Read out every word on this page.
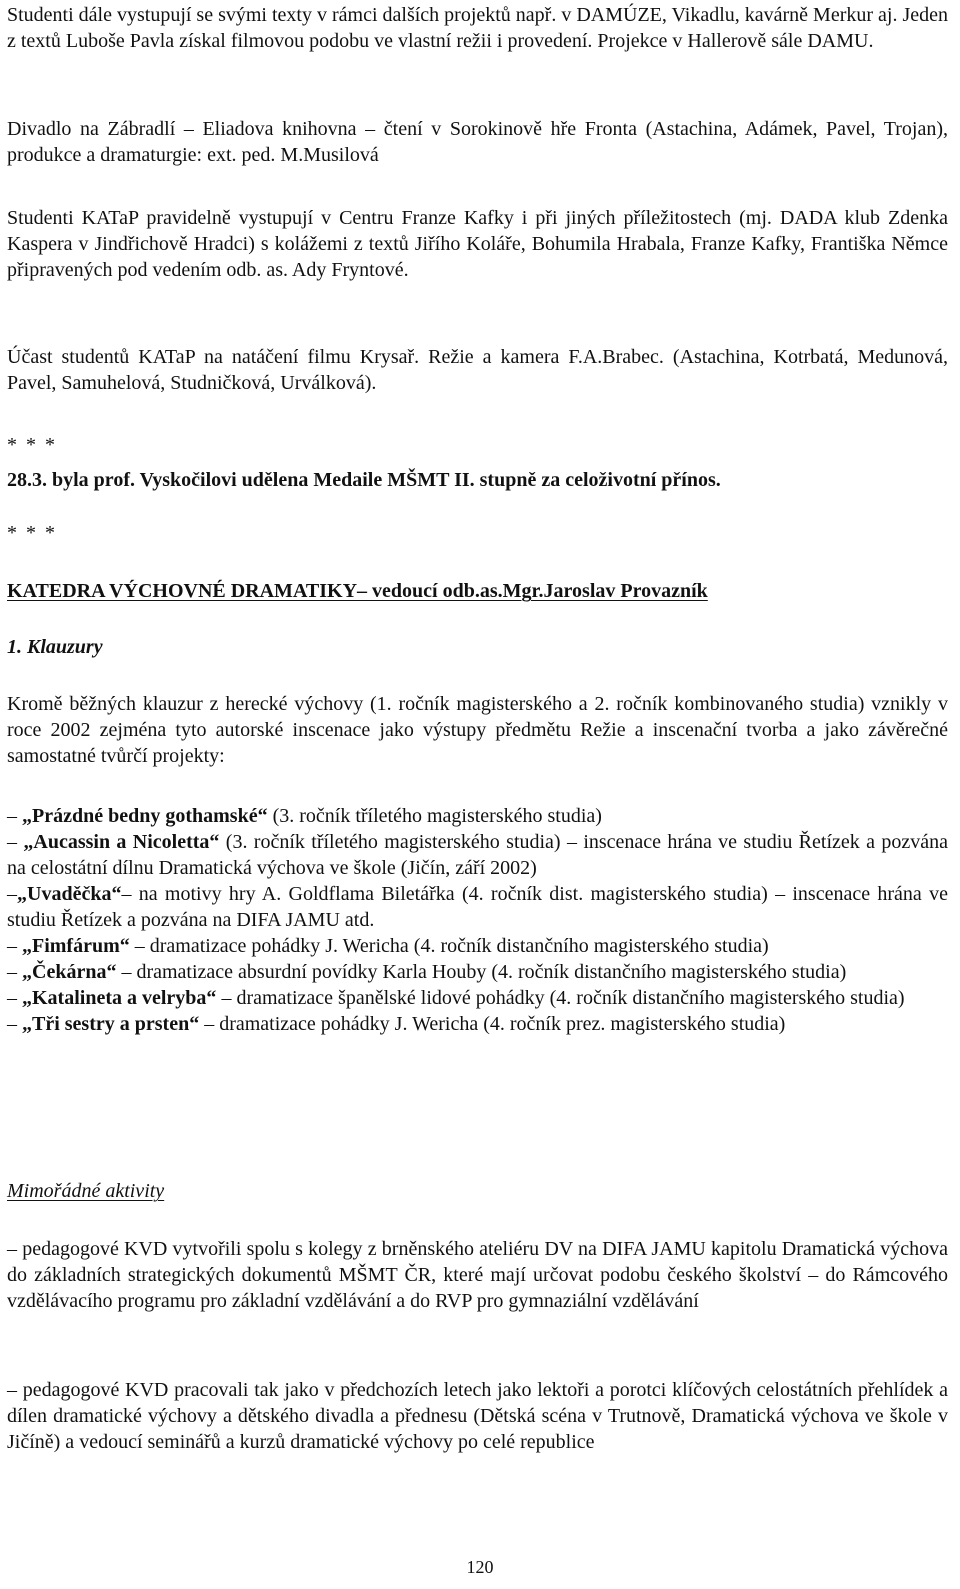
Studenti dále vystupují se svými texty v rámci dalších projektů např. v DAMÚZE, Vikadlu, kavárně Merkur aj. Jeden z textů Luboše Pavla získal filmovou podobu ve vlastní režii i provedení. Projekce v Hallerově sále DAMU.

Divadlo na Zábradlí – Eliadova knihovna – čtení v Sorokinově hře Fronta (Astachina, Adámek, Pavel, Trojan), produkce a dramaturgie: ext. ped. M.Musilová

Studenti KATaP pravidelně vystupují v Centru Franze Kafky i při jiných příležitostech (mj. DADA klub Zdenka Kaspera v Jindřichově Hradci) s kolážemi z textů Jiřího Koláře, Bohumila Hrabala, Franze Kafky, Františka Němce připravených pod vedením odb. as. Ady Fryntové.

Účast studentů KATaP na natáčení filmu Krysař. Režie a kamera F.A.Brabec. (Astachina, Kotrbatá, Medunová, Pavel, Samuhelová, Studničková, Urválková).

* * *

28.3. byla prof. Vyskočilovi udělena Medaile MŠMT II. stupně za celoživotní přínos.

* * *

KATEDRA VÝCHOVNÉ DRAMATIKY– vedoucí odb.as.Mgr.Jaroslav Provazník

1. Klauzury

Kromě běžných klauzur z herecké výchovy (1. ročník magisterského a 2. ročník kombinovaného studia) vznikly v roce 2002 zejména tyto autorské inscenace jako výstupy předmětu Režie a inscenační tvorba a jako závěrečné samostatné tvůrčí projekty:

– „Prázdné bedny gothamské“ (3. ročník tříletého magisterského studia)

– „Aucassin a Nicoletta“ (3. ročník tříletého magisterského studia) – inscenace hrána ve studiu Řetízek a pozvána na celostátní dílnu Dramatická výchova ve škole (Jičín, září 2002)

–„Uvaděčka“– na motivy hry A. Goldflama Biletářka (4. ročník dist. magisterského studia) – inscenace hrána ve studiu Řetízek a pozvána na DIFA JAMU atd.

– „Fimfárum“ – dramatizace pohádky J. Wericha (4. ročník distančního magisterského studia)

– „Čekárna“ – dramatizace absurdní povídky Karla Houby (4. ročník distančního magisterského studia)

– „Katalineta a velryba“ – dramatizace španělské lidové pohádky (4. ročník distančního magisterského studia)

– „Tři sestry a prsten“ – dramatizace pohádky J. Wericha (4. ročník prez. magisterského studia)

Mimořádné aktivity

– pedagogové KVD vytvořili spolu s kolegy z brněnského ateliéru DV na DIFA JAMU kapitolu Dramatická výchova do základních strategických dokumentů MŠMT ČR, které mají určovat podobu českého školství – do Rámcového vzdělávacího programu pro základní vzdělávání a do RVP pro gymnaziální vzdělávání

– pedagogové KVD pracovali tak jako v předchozích letech jako lektoři a porotci klíčových celostátních přehlídek a dílen dramatické výchovy a dětského divadla a přednesu (Dětská scéna v Trutnově, Dramatická výchova ve škole v Jičíně) a vedoucí seminářů a kurzů dramatické výchovy po celé republice

120
